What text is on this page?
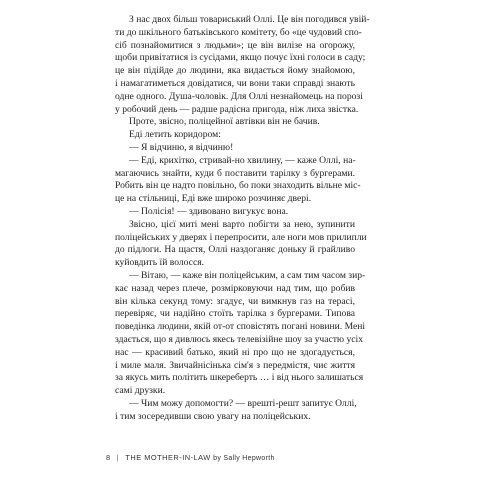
З нас двох більш товариський Оллі. Це він погодився увій-
ти до шкільного батьківського комітету, бо «це чудовий спо-
сіб познайомитися з людьми»; це він вилізе на огорожу,
щоби привітатися із сусідами, якщо почує їхні голоси в саду;
це він підійде до людини, яка видається йому знайомою,
і намагатиметься довідатися, чи вони таки справді знають
одне одного. Душа-чоловік. Для Оллі незнайомець на порозі
у робочий день — радше радісна пригода, ніж лиха звістка.
Проте, звісно, поліцейної автівки він не бачив.
Еді летить коридором:
— Я відчиню, я відчиню!
— Еді, крихітко, стривай-но хвилину, — каже Оллі, на-
магаючись знайти, куди б поставити тарілку з бургерами.
Робить він це надто повільно, бо поки знаходить вільне міс-
це на стільниці, Еді вже широко розчиняє двері.
— Полісія! — здивовано вигукує вона.
Звісно, цієї миті мені варто побігти за нею, зупинити
поліцейських у дверях і перепросити, але ноги мов прилипли
до підлоги. На щастя, Оллі наздоганяє доньку й грайливо
куйовдить їй волосся.
— Вітаю, — каже він поліцейським, а сам тим часом зир-
кає назад через плече, розмірковуючи над тим, що робив
він кілька секунд тому: згадує, чи вимкнув газ на терасі,
перевіряє, чи надійно стоїть тарілка з бургерами. Типова
поведінка людини, якій от-от сповістять погані новини. Мені
здається, що я дивлюсь якесь телевізійне шоу за участю усіх
нас — красивий батько, який ні про що не здогадується,
і миле маля. Звичайнісінька сім'я з передмістя, чиє життя
за якусь мить політить шкереберть … і від нього залишаться
самі друзки.
— Чим можу допомогти? — врешті-решт запитує Оллі,
і тим зосередивши свою увагу на поліцейських.
8 | THE MOTHER-IN-LAW by Sally Hepworth
